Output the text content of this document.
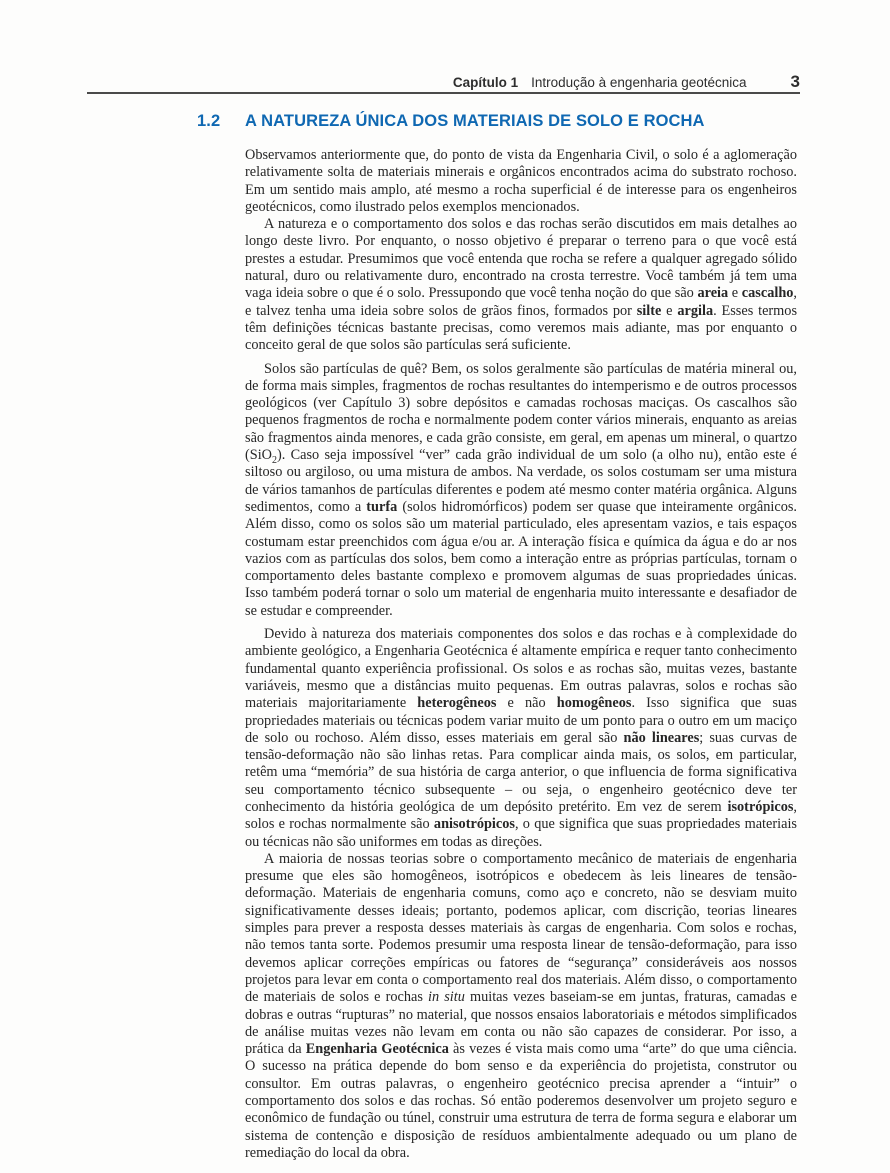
Capítulo 1 Introdução à engenharia geotécnica	3
1.2	A NATUREZA ÚNICA DOS MATERIAIS DE SOLO E ROCHA

Observamos anteriormente que, do ponto de vista da Engenharia Civil, o solo é a aglomeração relativamente solta de materiais minerais e orgânicos encontrados acima do substrato rochoso. Em um sentido mais amplo, até mesmo a rocha superficial é de interesse para os engenheiros geotécnicos, como ilustrado pelos exemplos mencionados.

A natureza e o comportamento dos solos e das rochas serão discutidos em mais detalhes ao longo deste livro. Por enquanto, o nosso objetivo é preparar o terreno para o que você está prestes a estudar. Presumimos que você entenda que rocha se refere a qualquer agregado sólido natural, duro ou relativamente duro, encontrado na crosta terrestre. Você também já tem uma vaga ideia sobre o que é o solo. Pressupondo que você tenha noção do que são areia e cascalho, e talvez tenha uma ideia sobre solos de grãos finos, formados por silte e argila. Esses termos têm definições técnicas bastante precisas, como veremos mais adiante, mas por enquanto o conceito geral de que solos são partículas será suficiente.

Solos são partículas de quê? Bem, os solos geralmente são partículas de matéria mineral ou, de forma mais simples, fragmentos de rochas resultantes do intemperismo e de outros processos geológicos (ver Capítulo 3) sobre depósitos e camadas rochosas maciças. Os cascalhos são pequenos fragmentos de rocha e normalmente podem conter vários minerais, enquanto as areias são fragmentos ainda menores, e cada grão consiste, em geral, em apenas um mineral, o quartzo (SiO$_2$). Caso seja impossível “ver” cada grão individual de um solo (a olho nu), então este é siltoso ou argiloso, ou uma mistura de ambos. Na verdade, os solos costumam ser uma mistura de vários tamanhos de partículas diferentes e podem até mesmo conter matéria orgânica. Alguns sedimentos, como a turfa (solos hidromórficos) podem ser quase que inteiramente orgânicos. Além disso, como os solos são um material particulado, eles apresentam vazios, e tais espaços costumam estar preenchidos com água e/ou ar. A interação física e química da água e do ar nos vazios com as partículas dos solos, bem como a interação entre as próprias partículas, tornam o comportamento deles bastante complexo e promovem algumas de suas propriedades únicas. Isso também poderá tornar o solo um material de engenharia muito interessante e desafiador de se estudar e compreender.

Devido à natureza dos materiais componentes dos solos e das rochas e à complexidade do ambiente geológico, a Engenharia Geotécnica é altamente empírica e requer tanto conhecimento fundamental quanto experiência profissional. Os solos e as rochas são, muitas vezes, bastante variáveis, mesmo que a distâncias muito pequenas. Em outras palavras, solos e rochas são materiais majoritariamente heterogêneos e não homogêneos. Isso significa que suas propriedades materiais ou técnicas podem variar muito de um ponto para o outro em um maciço de solo ou rochoso. Além disso, esses materiais em geral são não lineares; suas curvas de tensão-deformação não são linhas retas. Para complicar ainda mais, os solos, em particular, retêm uma “memória” de sua história de carga anterior, o que influencia de forma significativa seu comportamento técnico subsequente – ou seja, o engenheiro geotécnico deve ter conhecimento da história geológica de um depósito pretérito. Em vez de serem isotrópicos, solos e rochas normalmente são anisotrópicos, o que significa que suas propriedades materiais ou técnicas não são uniformes em todas as direções.

A maioria de nossas teorias sobre o comportamento mecânico de materiais de engenharia presume que eles são homogêneos, isotrópicos e obedecem às leis lineares de tensão-deformação. Materiais de engenharia comuns, como aço e concreto, não se desviam muito significativamente desses ideais; portanto, podemos aplicar, com discrição, teorias lineares simples para prever a resposta desses materiais às cargas de engenharia. Com solos e rochas, não temos tanta sorte. Podemos presumir uma resposta linear de tensão-deformação, para isso devemos aplicar correções empíricas ou fatores de “segurança” consideráveis aos nossos projetos para levar em conta o comportamento real dos materiais. Além disso, o comportamento de materiais de solos e rochas in situ muitas vezes baseiam-se em juntas, fraturas, camadas e dobras e outras “rupturas” no material, que nossos ensaios laboratoriais e métodos simplificados de análise muitas vezes não levam em conta ou não são capazes de considerar. Por isso, a prática da Engenharia Geotécnica às vezes é vista mais como uma “arte” do que uma ciência. O sucesso na prática depende do bom senso e da experiência do projetista, construtor ou consultor. Em outras palavras, o engenheiro geotécnico precisa aprender a “intuir” o comportamento dos solos e das rochas. Só então poderemos desenvolver um projeto seguro e econômico de fundação ou túnel, construir uma estrutura de terra de forma segura e elaborar um sistema de contenção e disposição de resíduos ambientalmente adequado ou um plano de remediação do local da obra.
